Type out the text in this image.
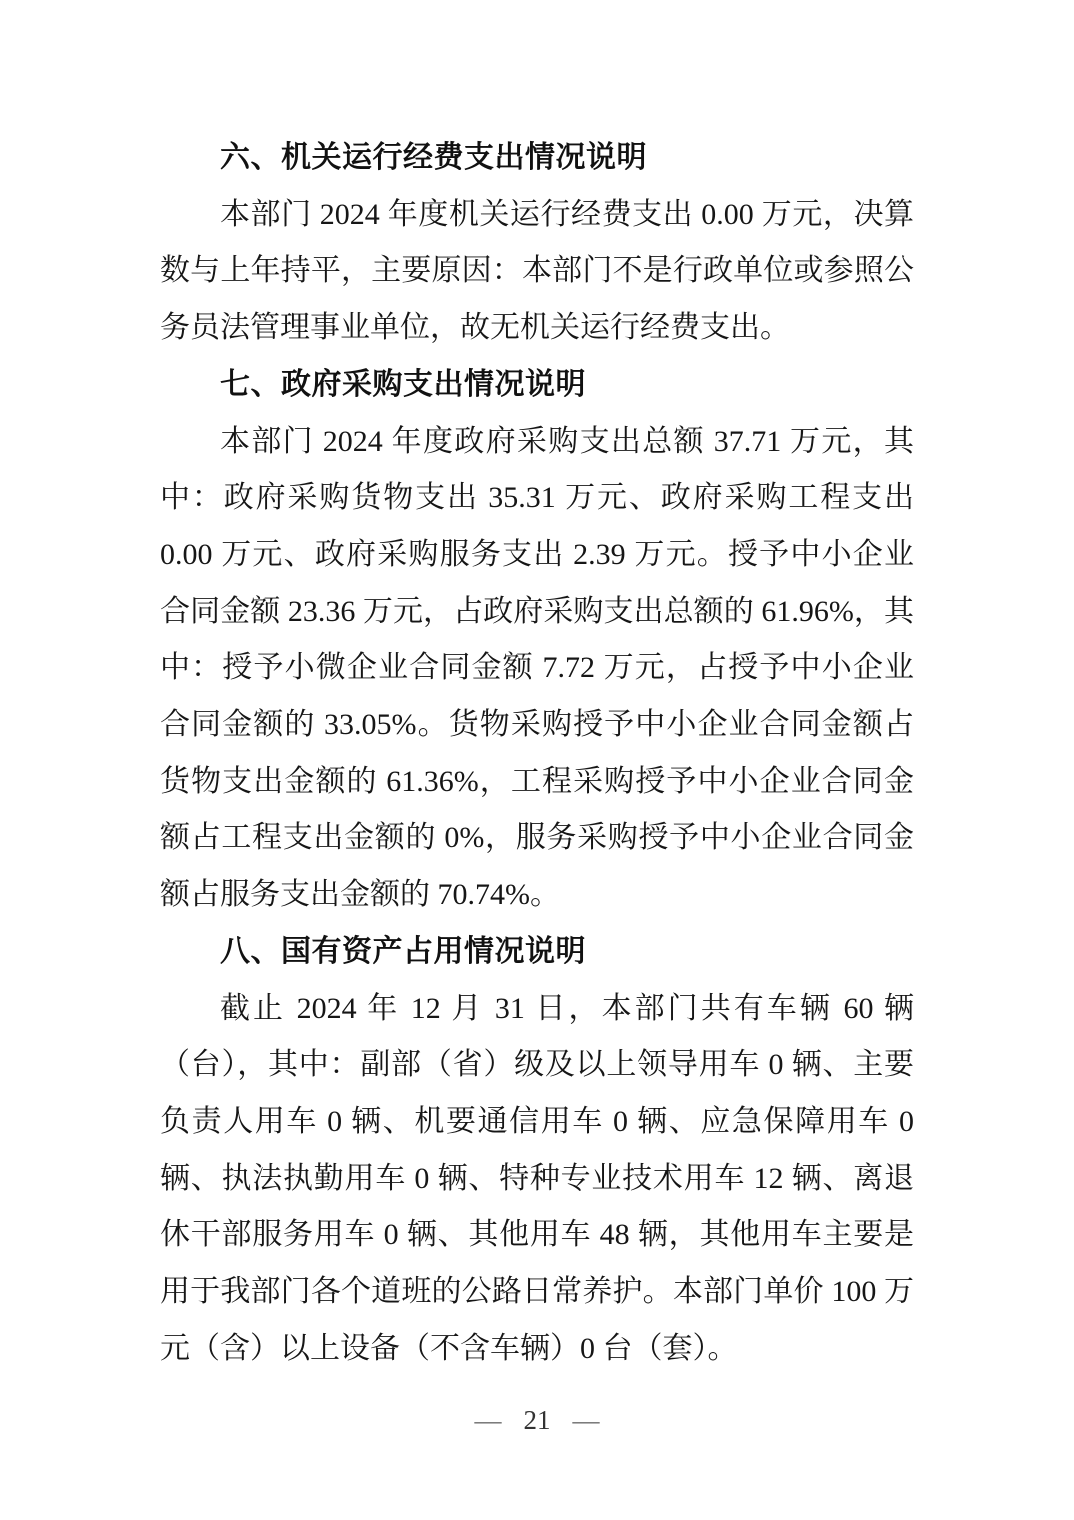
六、机关运行经费支出情况说明

本部门 2024 年度机关运行经费支出 0.00 万元，决算数与上年持平，主要原因：本部门不是行政单位或参照公务员法管理事业单位，故无机关运行经费支出。

七、政府采购支出情况说明

本部门 2024 年度政府采购支出总额 37.71 万元，其中：政府采购货物支出 35.31 万元、政府采购工程支出 0.00 万元、政府采购服务支出 2.39 万元。授予中小企业合同金额 23.36 万元，占政府采购支出总额的 61.96%，其中：授予小微企业合同金额 7.72 万元，占授予中小企业合同金额的 33.05%。货物采购授予中小企业合同金额占货物支出金额的 61.36%，工程采购授予中小企业合同金额占工程支出金额的 0%，服务采购授予中小企业合同金额占服务支出金额的 70.74%。

八、国有资产占用情况说明

截止 2024 年 12 月 31 日，本部门共有车辆 60 辆（台），其中：副部（省）级及以上领导用车 0 辆、主要负责人用车 0 辆、机要通信用车 0 辆、应急保障用车 0 辆、执法执勤用车 0 辆、特种专业技术用车 12 辆、离退休干部服务用车 0 辆、其他用车 48 辆，其他用车主要是用于我部门各个道班的公路日常养护。本部门单价 100 万元（含）以上设备（不含车辆）0 台（套）。

— 21 —
